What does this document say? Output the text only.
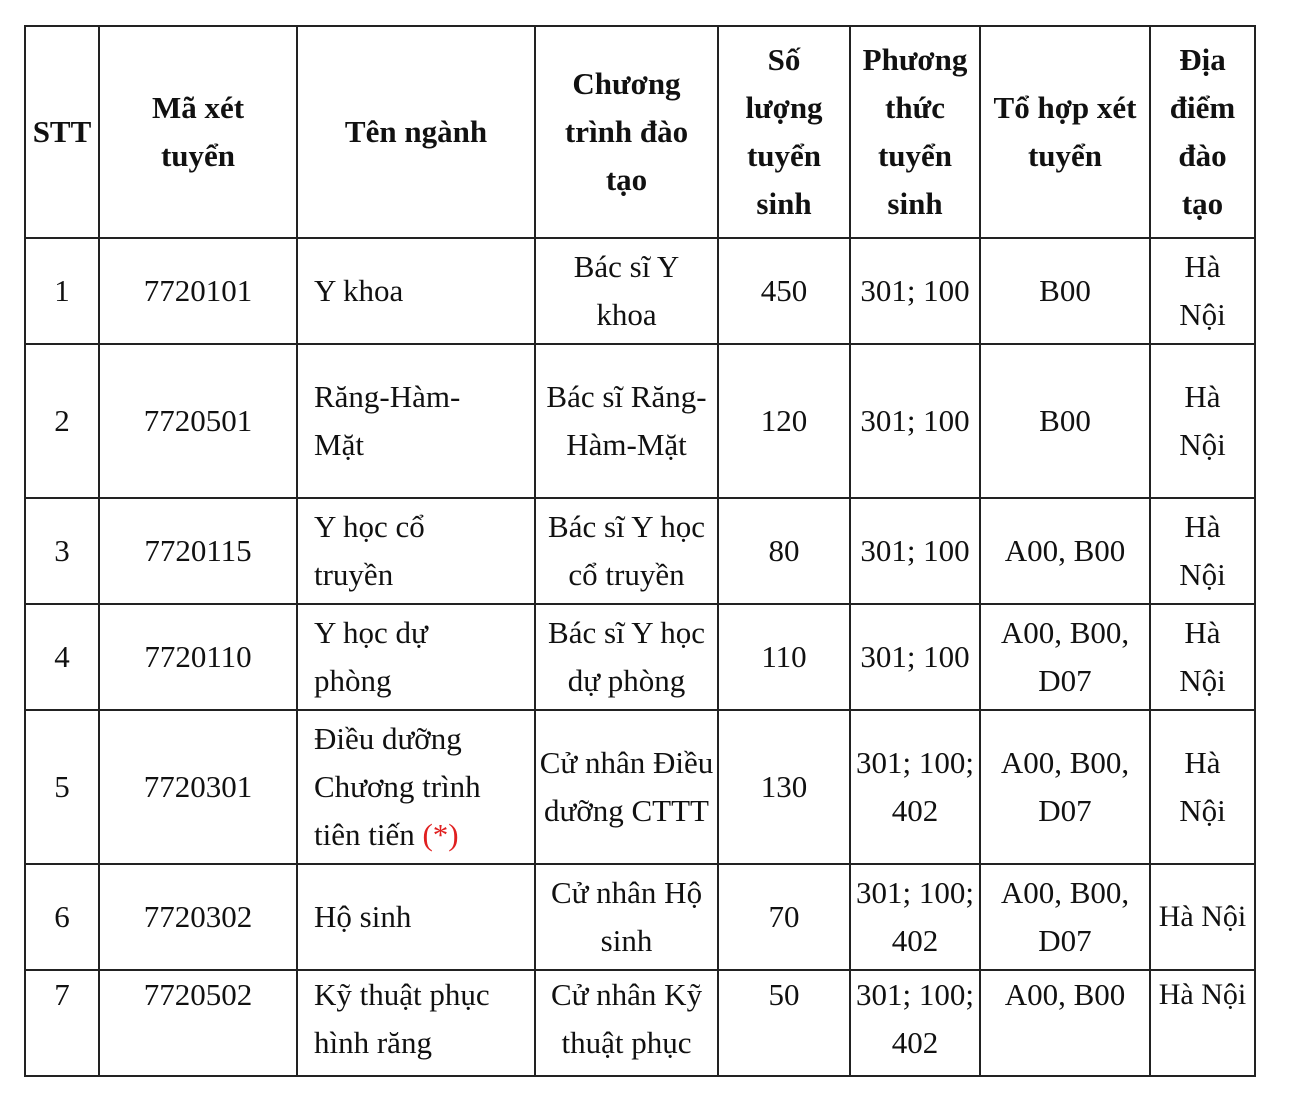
STT	Mã xét tuyển	Tên ngành	Chương trình đào tạo	Số lượng tuyển sinh	Phương thức tuyển sinh	Tổ hợp xét tuyển	Địa điểm đào tạo
1	7720101	Y khoa	Bác sĩ Y khoa	450	301; 100	B00	Hà Nội
2	7720501	Răng-Hàm-Mặt	Bác sĩ Răng-Hàm-Mặt	120	301; 100	B00	Hà Nội
3	7720115	Y học cổ truyền	Bác sĩ Y học cổ truyền	80	301; 100	A00, B00	Hà Nội
4	7720110	Y học dự phòng	Bác sĩ Y học dự phòng	110	301; 100	A00, B00, D07	Hà Nội
5	7720301	Điều dưỡng Chương trình tiên tiến (*)	Cử nhân Điều dưỡng CTTT	130	301; 100; 402	A00, B00, D07	Hà Nội
6	7720302	Hộ sinh	Cử nhân Hộ sinh	70	301; 100; 402	A00, B00, D07	Hà Nội
7	7720502	Kỹ thuật phục hình răng	Cử nhân Kỹ thuật phục	50	301; 100; 402	A00, B00	Hà Nội
